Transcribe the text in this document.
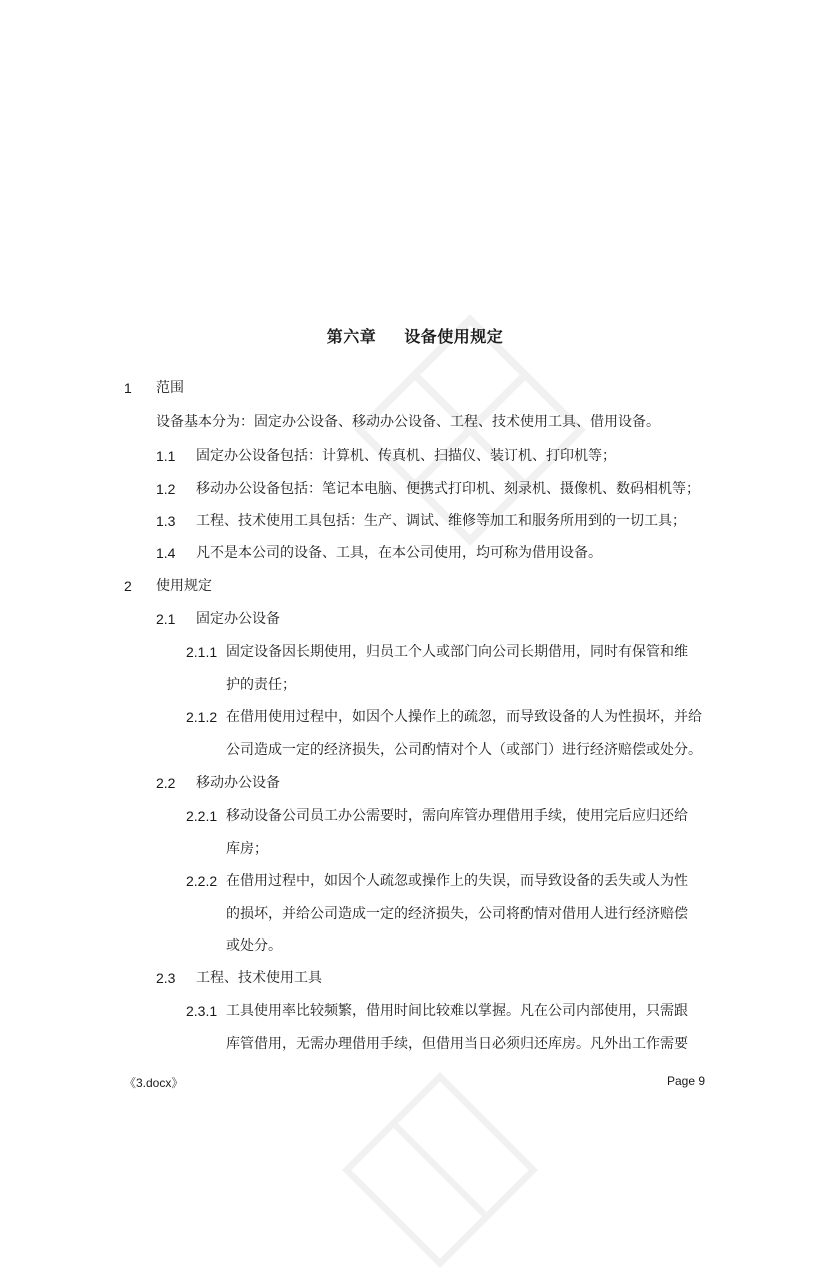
第六章 设备使用规定
1 范围
设备基本分为：固定办公设备、移动办公设备、工程、技术使用工具、借用设备。
1.1 固定办公设备包括：计算机、传真机、扫描仪、装订机、打印机等；
1.2 移动办公设备包括：笔记本电脑、便携式打印机、刻录机、摄像机、数码相机等；
1.3 工程、技术使用工具包括：生产、调试、维修等加工和服务所用到的一切工具；
1.4 凡不是本公司的设备、工具，在本公司使用，均可称为借用设备。
2 使用规定
2.1 固定办公设备
2.1.1 固定设备因长期使用，归员工个人或部门向公司长期借用，同时有保管和维
护的责任；
2.1.2 在借用使用过程中，如因个人操作上的疏忽，而导致设备的人为性损坏，并给
公司造成一定的经济损失，公司酌情对个人（或部门）进行经济赔偿或处分。
2.2 移动办公设备
2.2.1 移动设备公司员工办公需要时，需向库管办理借用手续，使用完后应归还给
库房；
2.2.2 在借用过程中，如因个人疏忽或操作上的失误，而导致设备的丢失或人为性
的损坏，并给公司造成一定的经济损失，公司将酌情对借用人进行经济赔偿
或处分。
2.3 工程、技术使用工具
2.3.1 工具使用率比较频繁，借用时间比较难以掌握。凡在公司内部使用，只需跟
库管借用，无需办理借用手续，但借用当日必须归还库房。凡外出工作需要
《3.docx》	Page 9
